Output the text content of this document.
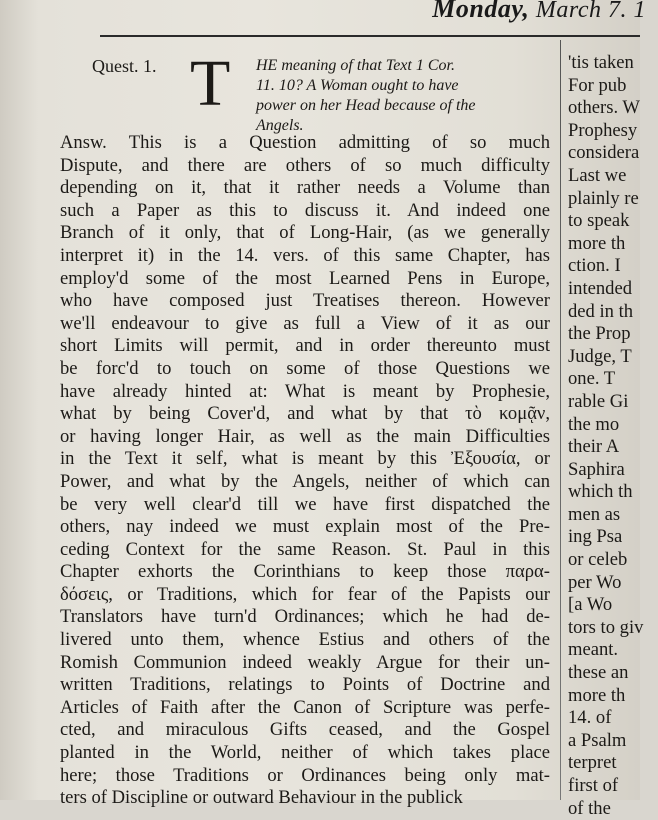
Monday, March 7. 1
Quest. 1. T HE meaning of that Text 1 Cor.
11. 10? A Woman ought to have
power on her Head because of the
Angels.
Answ. This is a Question admitting of so much
Dispute, and there are others of so much difficulty
depending on it, that it rather needs a Volume than
such a Paper as this to discuss it. And indeed one
Branch of it only, that of Long-Hair, (as we generally
interpret it) in the 14. vers. of this same Chapter, has
employ'd some of the most Learned Pens in Europe,
who have composed just Treatises thereon. However
we'll endeavour to give as full a View of it as our
short Limits will permit, and in order thereunto must
be forc'd to touch on some of those Questions we
have already hinted at: What is meant by Prophesie,
what by being Cover'd, and what by that τὸ κομᾷν,
or having longer Hair, as well as the main Difficulties
in the Text it self, what is meant by this Ἐξουσία, or
Power, and what by the Angels, neither of which can
be very well clear'd till we have first dispatched the
others, nay indeed we must explain most of the Pre-
ceding Context for the same Reason. St. Paul in this
Chapter exhorts the Corinthians to keep those παρα-
δόσεις, or Traditions, which for fear of the Papists our
Translators have turn'd Ordinances; which he had de-
livered unto them, whence Estius and others of the
Romish Communion indeed weakly Argue for their un-
written Traditions, relatings to Points of Doctrine and
Articles of Faith after the Canon of Scripture was perfe-
cted, and miraculous Gifts ceased, and the Gospel
planted in the World, neither of which takes place
here; those Traditions or Ordinances being only mat-
ters of Discipline or outward Behaviour in the publick
'tis taken
For pub
others. W
Prophesy
considera
Last we
plainly re
to speak
more th
ction. I
intended
ded in th
the Prop
Judge, T
one. T
rable Gi
the mo
their A
Saphira
which th
men as
ing Psa
or celeb
per Wo
[a Wo
tors to giv
meant.
these an
more th
14. of
a Psalm
terpret
first of
of the
